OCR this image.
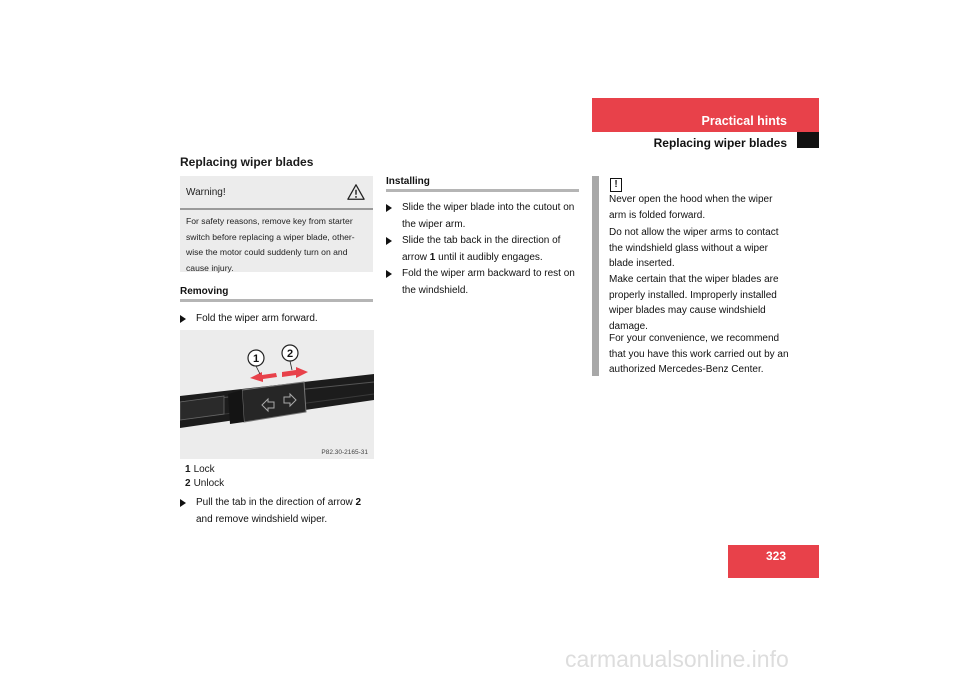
Practical hints
Replacing wiper blades
Replacing wiper blades
Warning!
For safety reasons, remove key from starter switch before replacing a wiper blade, other-wise the motor could suddenly turn on and cause injury.
Removing
Fold the wiper arm forward.
1	2
P82.30-2165-31
1 Lock
2 Unlock
Pull the tab in the direction of arrow 2
and remove windshield wiper.
Installing
Slide the wiper blade into the cutout on the wiper arm.
Slide the tab back in the direction of
arrow 1 until it audibly engages.
Fold the wiper arm backward to rest on the windshield.
!
Never open the hood when the wiper arm is folded forward.
Do not allow the wiper arms to contact the windshield glass without a wiper blade inserted.
Make certain that the wiper blades are properly installed. Improperly installed wiper blades may cause windshield damage.
For your convenience, we recommend that you have this work carried out by an authorized Mercedes-Benz Center.
323
carmanualsonline.info
